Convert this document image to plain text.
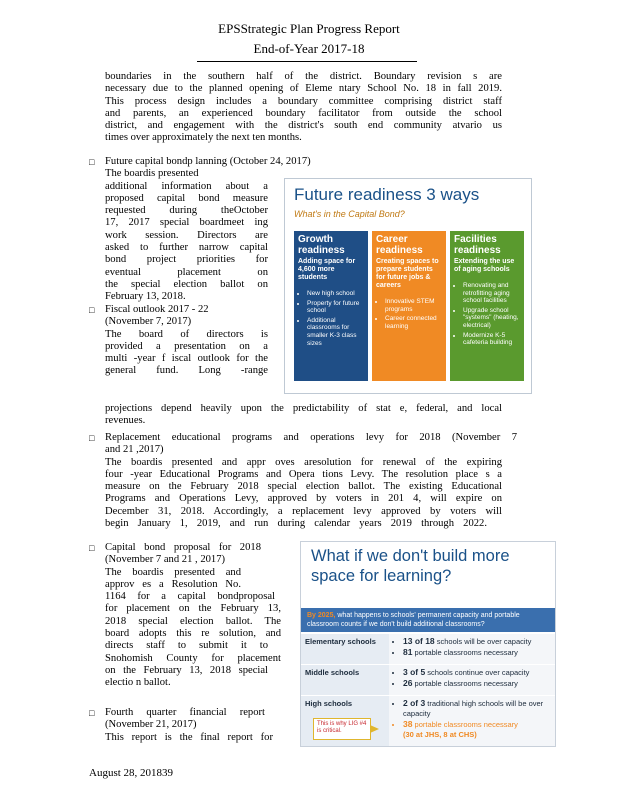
EPSStrategic Plan Progress Report
End-of-Year 2017-18
boundaries in the southern half of the district. Boundary revision s are
necessary due to the planned opening of Eleme ntary School No. 18 in fall 2019.
This process design includes a boundary committee comprising district staff
and parents, an experienced boundary facilitator from outside the school
district, and engagement with the district's south end community atvario us
times over approximately the next ten months.
□ Future capital bondp lanning (October 24, 2017)
The boardis presented
additional information about a
proposed capital bond measure
requested during theOctober
17, 2017 special boardmeet ing
work session. Directors are
asked to further narrow capital
bond project priorities for
eventual placement on
the special election ballot on
February 13, 2018.
□ Fiscal outlook 2017 - 22
(November 7, 2017)
The board of directors is
provided a presentation on a
multi -year f iscal outlook for the
general fund. Long -range
projections depend heavily upon the predictability of stat e, federal, and local
revenues.
□ Replacement educational programs and operations levy for 2018 (November 7
and 21 ,2017)
The boardis presented and appr oves aresolution for renewal of the expiring
four -year Educational Programs and Opera tions Levy. The resolution place s a
measure on the February 2018 special election ballot. The existing Educational
Programs and Operations Levy, approved by voters in 201 4, will expire on
December 31, 2018. Accordingly, a replacement levy approved by voters will
begin January 1, 2019, and run during calendar years 2019 through 2022.
□ Capital bond proposal for 2018
(November 7 and 21 , 2017)
The boardis presented and
approv es a Resolution No.
1164 for a capital bondproposal
for placement on the February 13,
2018 special election ballot. The
board adopts this re solution, and
directs staff to submit it to
Snohomish County for placement
on the February 13, 2018 special
electio n ballot.
□ Fourth quarter financial report
(November 21, 2017)
This report is the final report for
Future readiness 3 ways
What's in the Capital Bond?
Growth readiness
Adding space for 4,600 more students
• New high school
• Property for future school
• Additional classrooms for smaller K-3 class sizes
Career readiness
Creating spaces to prepare students for future jobs & careers
• Innovative STEM programs
• Career connected learning
Facilities readiness
Extending the use of aging schools
• Renovating and retrofitting aging school facilities
• Upgrade school "systems" (heating, electrical)
• Modernize K-5 cafeteria building
What if we don't build more space for learning?
By 2025, what happens to schools' permanent capacity and portable classroom counts if we don't build additional classrooms?
Elementary schools	• 13 of 18 schools will be over capacity
• 81 portable classrooms necessary
Middle schools	• 3 of 5 schools continue over capacity
• 26 portable classrooms necessary
High schools	• 2 of 3 traditional high schools will be over capacity
• 38 portable classrooms necessary
(30 at JHS, 8 at CHS)
This is why LIG #4 is critical.
August 28, 201839
